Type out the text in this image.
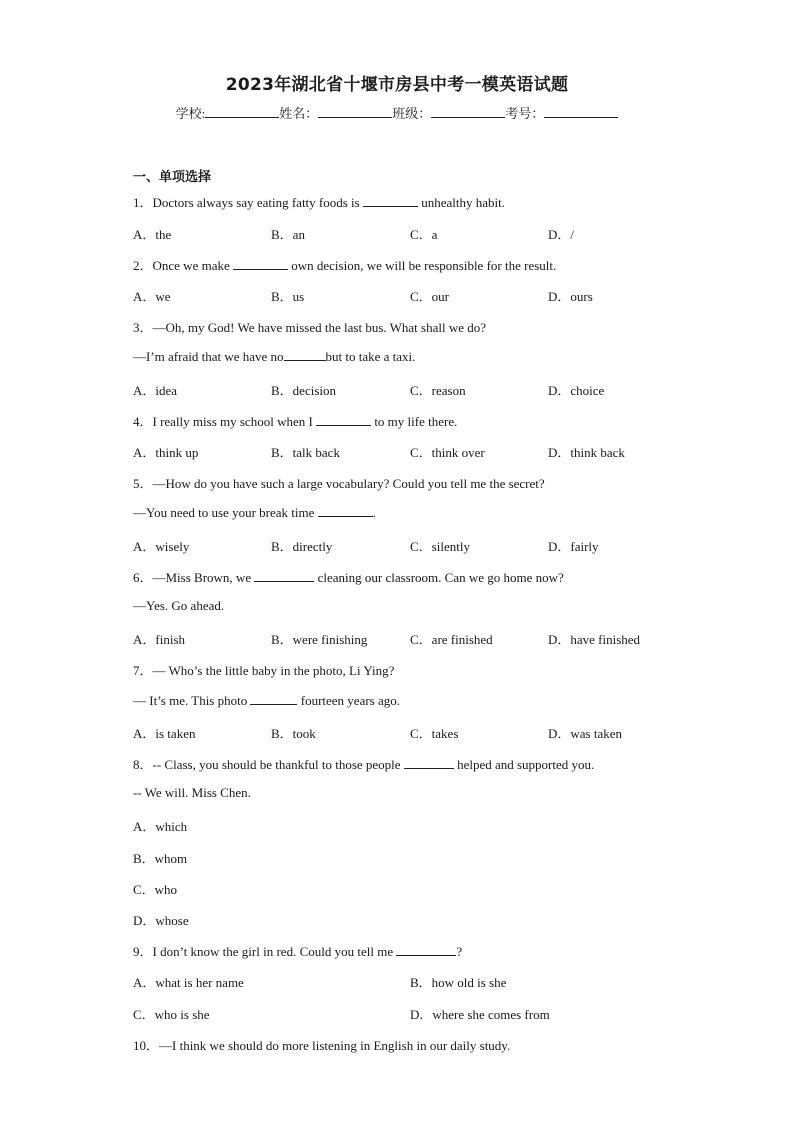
2023年湖北省十堰市房县中考一模英语试题
学校:	姓名：	班级：	考号：
一、单项选择
1．Doctors always say eating fatty foods is	unhealthy habit.
A．the	B．an	C．a	D．/
2．Once we make	own decision, we will be responsible for the result.
A．we	B．us	C．our	D．ours
3．—Oh, my God! We have missed the last bus. What shall we do?
—I’m afraid that we have no	but to take a taxi.
A．idea	B．decision	C．reason	D．choice
4．I really miss my school when I	to my life there.
A．think up	B．talk back	C．think over	D．think back
5．—How do you have such a large vocabulary? Could you tell me the secret?
—You need to use your break time	.
A．wisely	B．directly	C．silently	D．fairly
6．—Miss Brown, we	cleaning our classroom. Can we go home now?
—Yes. Go ahead.
A．finish	B．were finishing	C．are finished	D．have finished
7．— Who’s the little baby in the photo, Li Ying?
— It’s me. This photo	fourteen years ago.
A．is taken	B．took	C．takes	D．was taken
8．-- Class, you should be thankful to those people	helped and supported you.
-- We will. Miss Chen.
A．which
B．whom
C．who
D．whose
9．I don’t know the girl in red. Could you tell me	?
A．what is her name	B．how old is she
C．who is she	D．where she comes from
10．—I think we should do more listening in English in our daily study.
